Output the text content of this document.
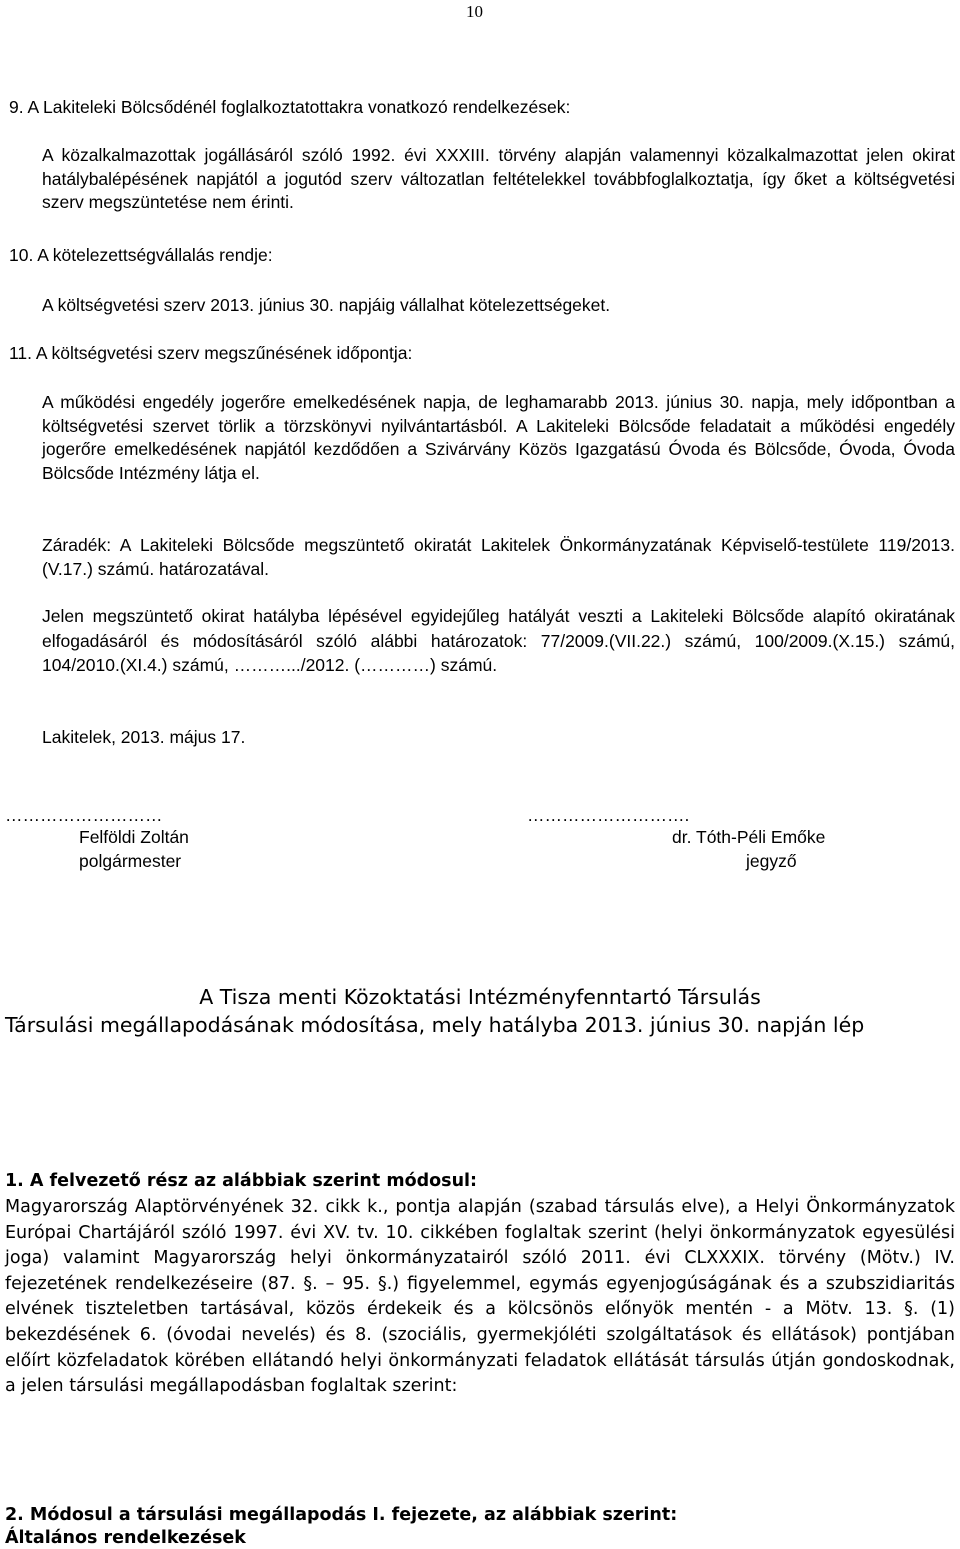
10
9. A Lakiteleki Bölcsődénél foglalkoztatottakra vonatkozó rendelkezések:
A közalkalmazottak jogállásáról szóló 1992. évi XXXIII. törvény alapján valamennyi közalkalmazottat jelen okirat hatálybalépésének napjától a jogutód szerv változatlan feltételekkel továbbfoglalkoztatja, így őket a költségvetési szerv megszüntetése nem érinti.
10. A kötelezettségvállalás rendje:
A költségvetési szerv 2013. június 30. napjáig vállalhat kötelezettségeket.
11. A költségvetési szerv megszűnésének időpontja:
A működési engedély jogerőre emelkedésének napja, de leghamarabb 2013. június 30. napja, mely időpontban a költségvetési szervet törlik a törzskönyvi nyilvántartásból. A Lakiteleki Bölcsőde feladatait a működési engedély jogerőre emelkedésének napjától kezdődően a Szivárvány Közös Igazgatású Óvoda és Bölcsőde, Óvoda, Óvoda Bölcsőde Intézmény látja el.
Záradék: A Lakiteleki Bölcsőde megszüntető okiratát Lakitelek Önkormányzatának Képviselő-testülete 119/2013. (V.17.) számú. határozatával.
Jelen megszüntető okirat hatályba lépésével egyidejűleg hatályát veszti a Lakiteleki Bölcsőde alapító okiratának elfogadásáról és módosításáról szóló alábbi határozatok: 77/2009.(VII.22.) számú, 100/2009.(X.15.) számú, 104/2010.(XI.4.) számú, ……….../2012. (…………) számú.
Lakitelek, 2013. május 17.
………………………
Felföldi Zoltán
polgármester
……………………….
dr. Tóth-Péli Emőke
jegyző
A Tisza menti Közoktatási Intézményfenntartó Társulás
Társulási megállapodásának módosítása, mely hatályba 2013. június 30. napján lép
1. A felvezető rész az alábbiak szerint módosul:
Magyarország Alaptörvényének 32. cikk k., pontja alapján (szabad társulás elve), a Helyi Önkormányzatok Európai Chartájáról szóló 1997. évi XV. tv. 10. cikkében foglaltak szerint (helyi önkormányzatok egyesülési joga) valamint Magyarország helyi önkormányzatairól szóló 2011. évi CLXXXIX. törvény (Mötv.) IV. fejezetének rendelkezéseire (87. §. – 95. §.) figyelemmel, egymás egyenjogúságának és a szubszidiaritás elvének tiszteletben tartásával, közös érdekeik és a kölcsönös előnyök mentén - a Mötv. 13. §. (1) bekezdésének 6. (óvodai nevelés) és 8. (szociális, gyermekjóléti szolgáltatások és ellátások) pontjában előírt közfeladatok körében ellátandó helyi önkormányzati feladatok ellátását társulás útján gondoskodnak, a jelen társulási megállapodásban foglaltak szerint:
2. Módosul a társulási megállapodás I. fejezete, az alábbiak szerint:
Általános rendelkezések
